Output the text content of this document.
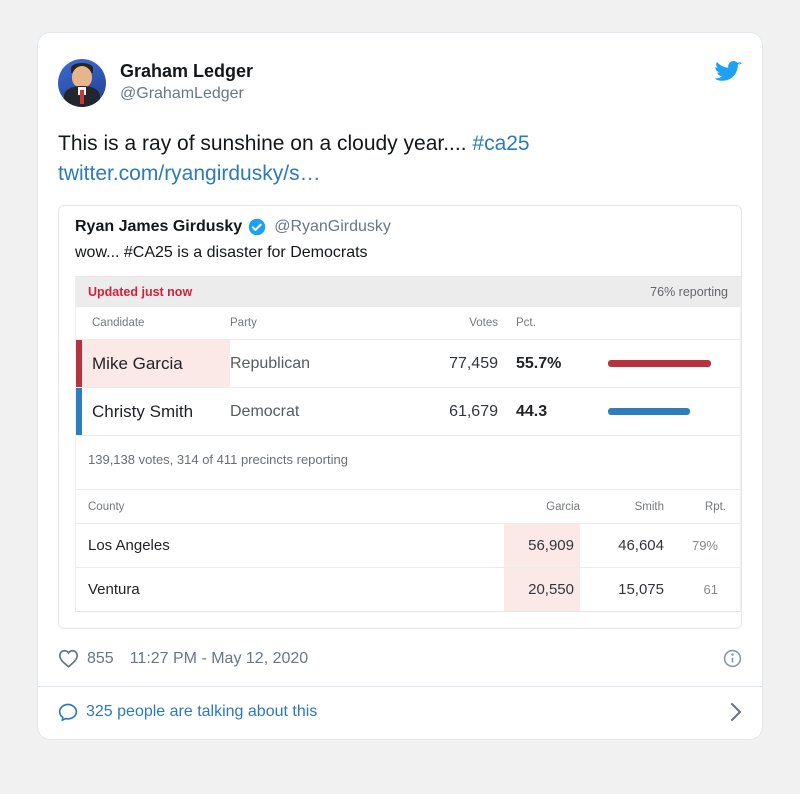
Graham Ledger
@GrahamLedger

This is a ray of sunshine on a cloudy year.... #ca25
twitter.com/ryangirdusky/s…

Ryan James Girdusky @RyanGirdusky
wow... #CA25 is a disaster for Democrats
Updated just now	76% reporting
Candidate	Party	Votes	Pct.
Mike Garcia	Republican	77,459	55.7%
Christy Smith	Democrat	61,679	44.3
139,138 votes, 314 of 411 precincts reporting
County	Garcia	Smith	Rpt.
Los Angeles	56,909	46,604	79%
Ventura	20,550	15,075	61
855 11:27 PM - May 12, 2020
325 people are talking about this
